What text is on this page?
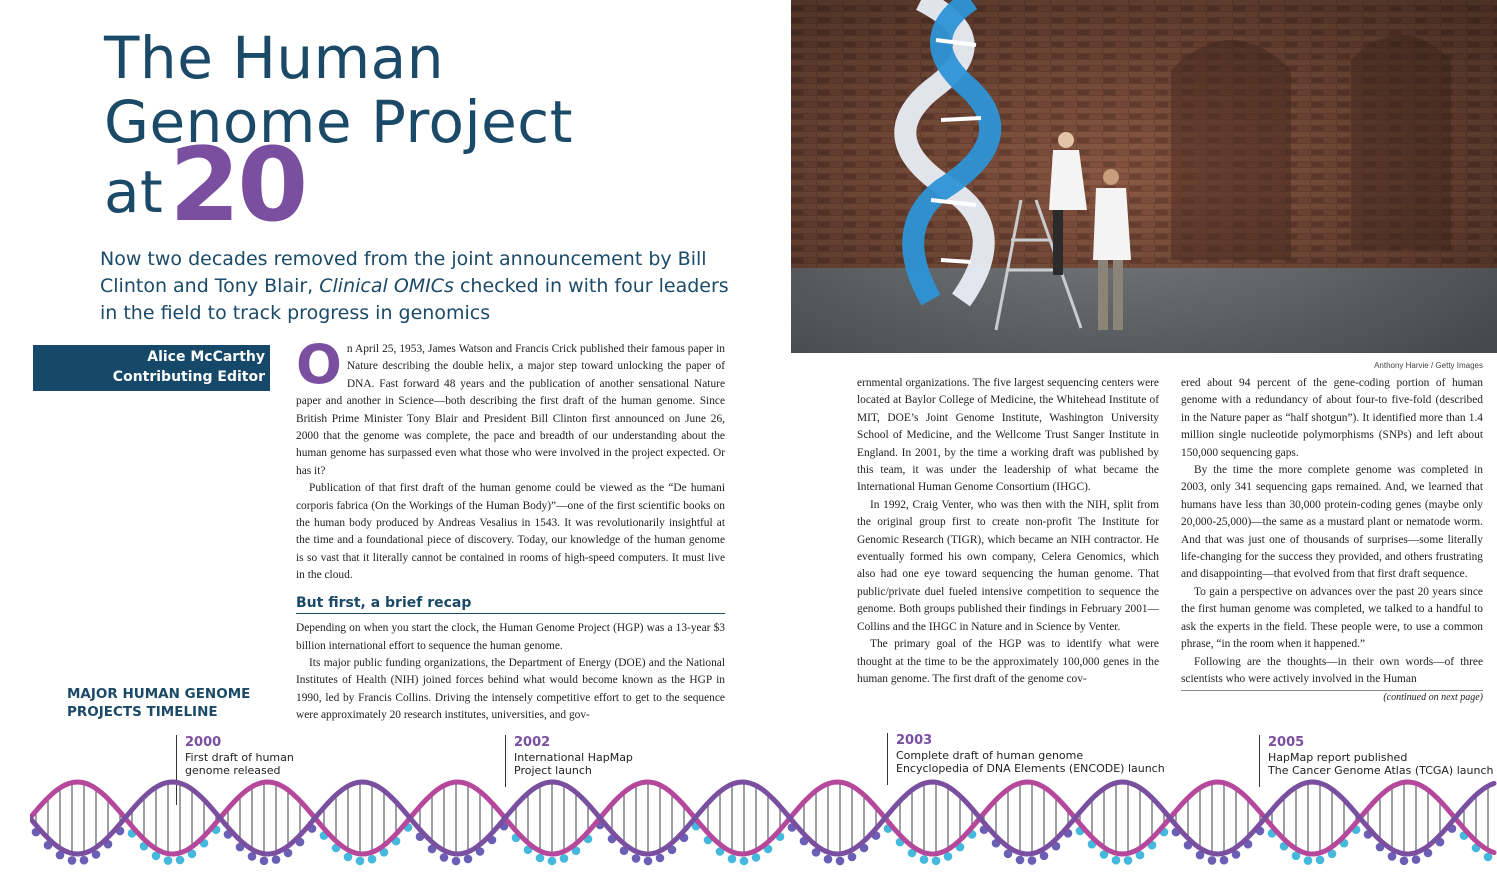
The Human
Genome Project
at20

Now two decades removed from the joint announcement by Bill Clinton and Tony Blair, Clinical OMICs checked in with four leaders in the field to track progress in genomics

Alice McCarthy
Contributing Editor
Anthony Harvie / Getty Images
O n April 25, 1953, James Watson and Francis Crick published their famous paper in Nature describing the double helix, a major step toward unlocking the paper of DNA. Fast forward 48 years and the publication of another sensational Nature paper and another in Science—both describing the first draft of the human genome. Since British Prime Minister Tony Blair and President Bill Clinton first announced on June 26, 2000 that the genome was complete, the pace and breadth of our understanding about the human genome has surpassed even what those who were involved in the project expected. Or has it?

Publication of that first draft of the human genome could be viewed as the “De humani corporis fabrica (On the Workings of the Human Body)”—one of the first scientific books on the human body produced by Andreas Vesalius in 1543. It was revolutionarily insightful at the time and a foundational piece of discovery. Today, our knowledge of the human genome is so vast that it literally cannot be contained in rooms of high-speed computers. It must live in the cloud.

But first, a brief recap

Depending on when you start the clock, the Human Genome Project (HGP) was a 13-year $3 billion international effort to sequence the human genome.

Its major public funding organizations, the Department of Energy (DOE) and the National Institutes of Health (NIH) joined forces behind what would become known as the HGP in 1990, led by Francis Collins. Driving the intensely competitive effort to get to the sequence were approximately 20 research institutes, universities, and gov-

ernmental organizations. The five largest sequencing centers were located at Baylor College of Medicine, the Whitehead Institute of MIT, DOE’s Joint Genome Institute, Washington University School of Medicine, and the Wellcome Trust Sanger Institute in England. In 2001, by the time a working draft was published by this team, it was under the leadership of what became the International Human Genome Consortium (IHGC).

In 1992, Craig Venter, who was then with the NIH, split from the original group first to create non-profit The Institute for Genomic Research (TIGR), which became an NIH contractor. He eventually formed his own company, Celera Genomics, which also had one eye toward sequencing the human genome. That public/private duel fueled intensive competition to sequence the genome. Both groups published their findings in February 2001— Collins and the IHGC in Nature and in Science by Venter.

The primary goal of the HGP was to identify what were thought at the time to be the approximately 100,000 genes in the human genome. The first draft of the genome cov-

ered about 94 percent of the gene-coding portion of human genome with a redundancy of about four-to five-fold (described in the Nature paper as “half shotgun”). It identified more than 1.4 million single nucleotide polymorphisms (SNPs) and left about 150,000 sequencing gaps.

By the time the more complete genome was completed in 2003, only 341 sequencing gaps remained. And, we learned that humans have less than 30,000 protein-coding genes (maybe only 20,000-25,000)—the same as a mustard plant or nematode worm. And that was just one of thousands of surprises—some literally life-changing for the success they provided, and others frustrating and disappointing—that evolved from that first draft sequence.

To gain a perspective on advances over the past 20 years since the first human genome was completed, we talked to a handful to ask the experts in the field. These people were, to use a common phrase, “in the room when it happened.”

Following are the thoughts—in their own words—of three scientists who were actively involved in the Human

(continued on next page)
MAJOR HUMAN GENOME
PROJECTS TIMELINE
2000
First draft of human
genome released
2002
International HapMap
Project launch
2003
Complete draft of human genome
Encyclopedia of DNA Elements (ENCODE) launch
2005
HapMap report published
The Cancer Genome Atlas (TCGA) launch
